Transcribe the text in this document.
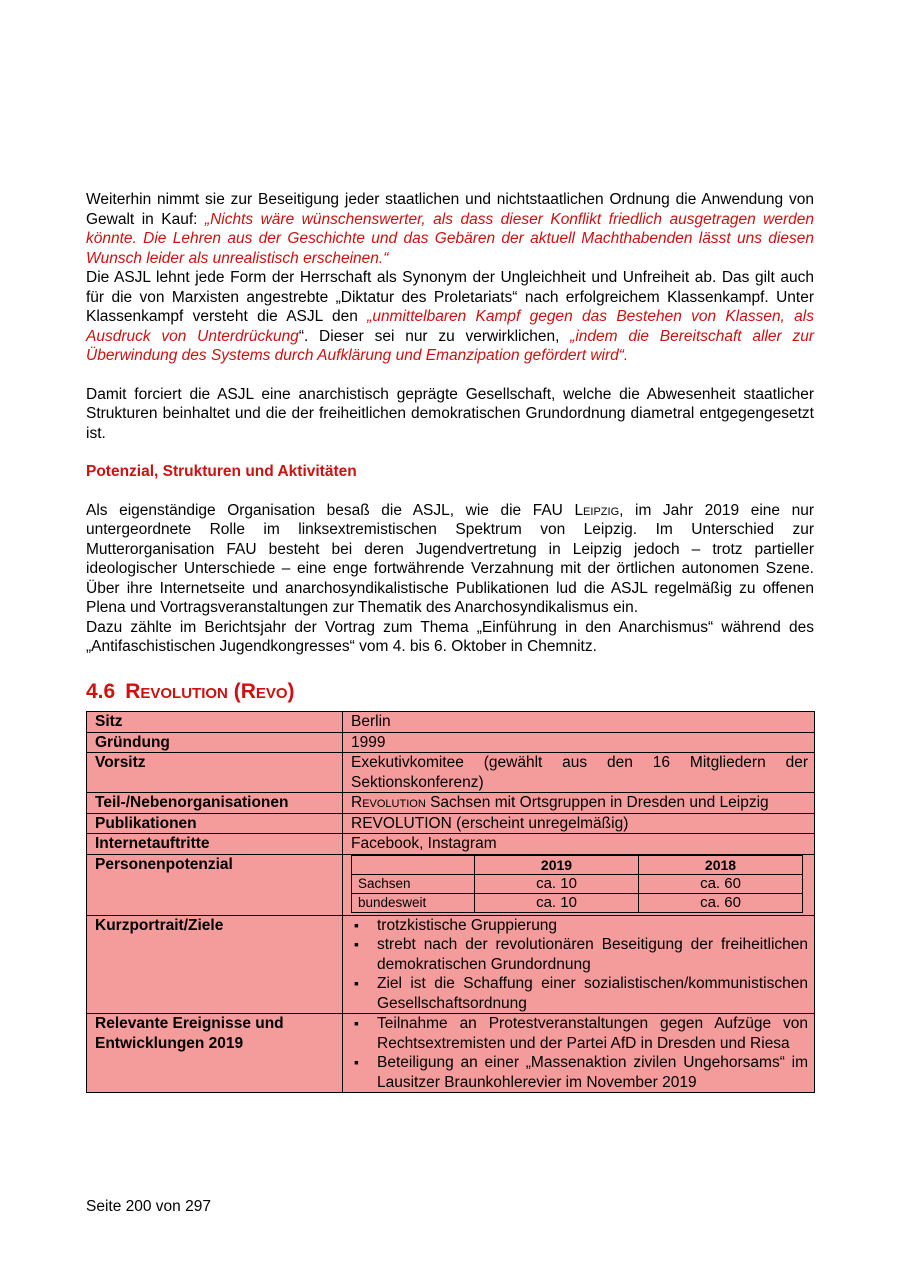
Weiterhin nimmt sie zur Beseitigung jeder staatlichen und nichtstaatlichen Ordnung die Anwendung von Gewalt in Kauf: „Nichts wäre wünschenswerter, als dass dieser Konflikt friedlich ausgetragen werden könnte. Die Lehren aus der Geschichte und das Gebären der aktuell Machthabenden lässt uns diesen Wunsch leider als unrealistisch erscheinen.“

Die ASJL lehnt jede Form der Herrschaft als Synonym der Ungleichheit und Unfreiheit ab. Das gilt auch für die von Marxisten angestrebte „Diktatur des Proletariats“ nach erfolgreichem Klassenkampf. Unter Klassenkampf versteht die ASJL den „unmittelbaren Kampf gegen das Bestehen von Klassen, als Ausdruck von Unterdrückung“. Dieser sei nur zu verwirklichen, „indem die Bereitschaft aller zur Überwindung des Systems durch Aufklärung und Emanzipation gefördert wird“.

Damit forciert die ASJL eine anarchistisch geprägte Gesellschaft, welche die Abwesenheit staatlicher Strukturen beinhaltet und die der freiheitlichen demokratischen Grundordnung diametral entgegengesetzt ist.

Potenzial, Strukturen und Aktivitäten

Als eigenständige Organisation besaß die ASJL, wie die FAU Leipzig, im Jahr 2019 eine nur untergeordnete Rolle im linksextremistischen Spektrum von Leipzig. Im Unterschied zur Mutterorganisation FAU besteht bei deren Jugendvertretung in Leipzig jedoch – trotz partieller ideologischer Unterschiede – eine enge fortwährende Verzahnung mit der örtlichen autonomen Szene. Über ihre Internetseite und anarchosyndikalistische Publikationen lud die ASJL regelmäßig zu offenen Plena und Vortragsveranstaltungen zur Thematik des Anarchosyndikalismus ein.

Dazu zählte im Berichtsjahr der Vortrag zum Thema „Einführung in den Anarchismus“ während des „Antifaschistischen Jugendkongresses“ vom 4. bis 6. Oktober in Chemnitz.

4.6 Revolution (Revo)
Sitz	Berlin
Gründung	1999
Vorsitz	Exekutivkomitee (gewählt aus den 16 Mitgliedern der Sektionskonferenz)
Teil-/Nebenorganisationen	Revolution Sachsen mit Ortsgruppen in Dresden und Leipzig
Publikationen	REVOLUTION (erscheint unregelmäßig)
Internetauftritte	Facebook, Instagram
Personenpotenzial	
		2019	2018
Sachsen	ca. 10	ca. 60
bundesweit	ca. 10	ca. 60

Kurzportrait/Ziele	
▪trotzkistische Gruppierung
▪ strebt nach der revolutionären Beseitigung der freiheitlichen demokratischen Grundordnung
▪ Ziel ist die Schaffung einer sozialistischen/kommunistischen Gesellschaftsordnung

Relevante Ereignisse und Entwicklungen 2019	
▪ Teilnahme an Protestveranstaltungen gegen Aufzüge von Rechtsextremisten und der Partei AfD in Dresden und Riesa
▪ Beteiligung an einer „Massenaktion zivilen Ungehorsams“ im Lausitzer Braunkohlerevier im November 2019
Seite 200 von 297
